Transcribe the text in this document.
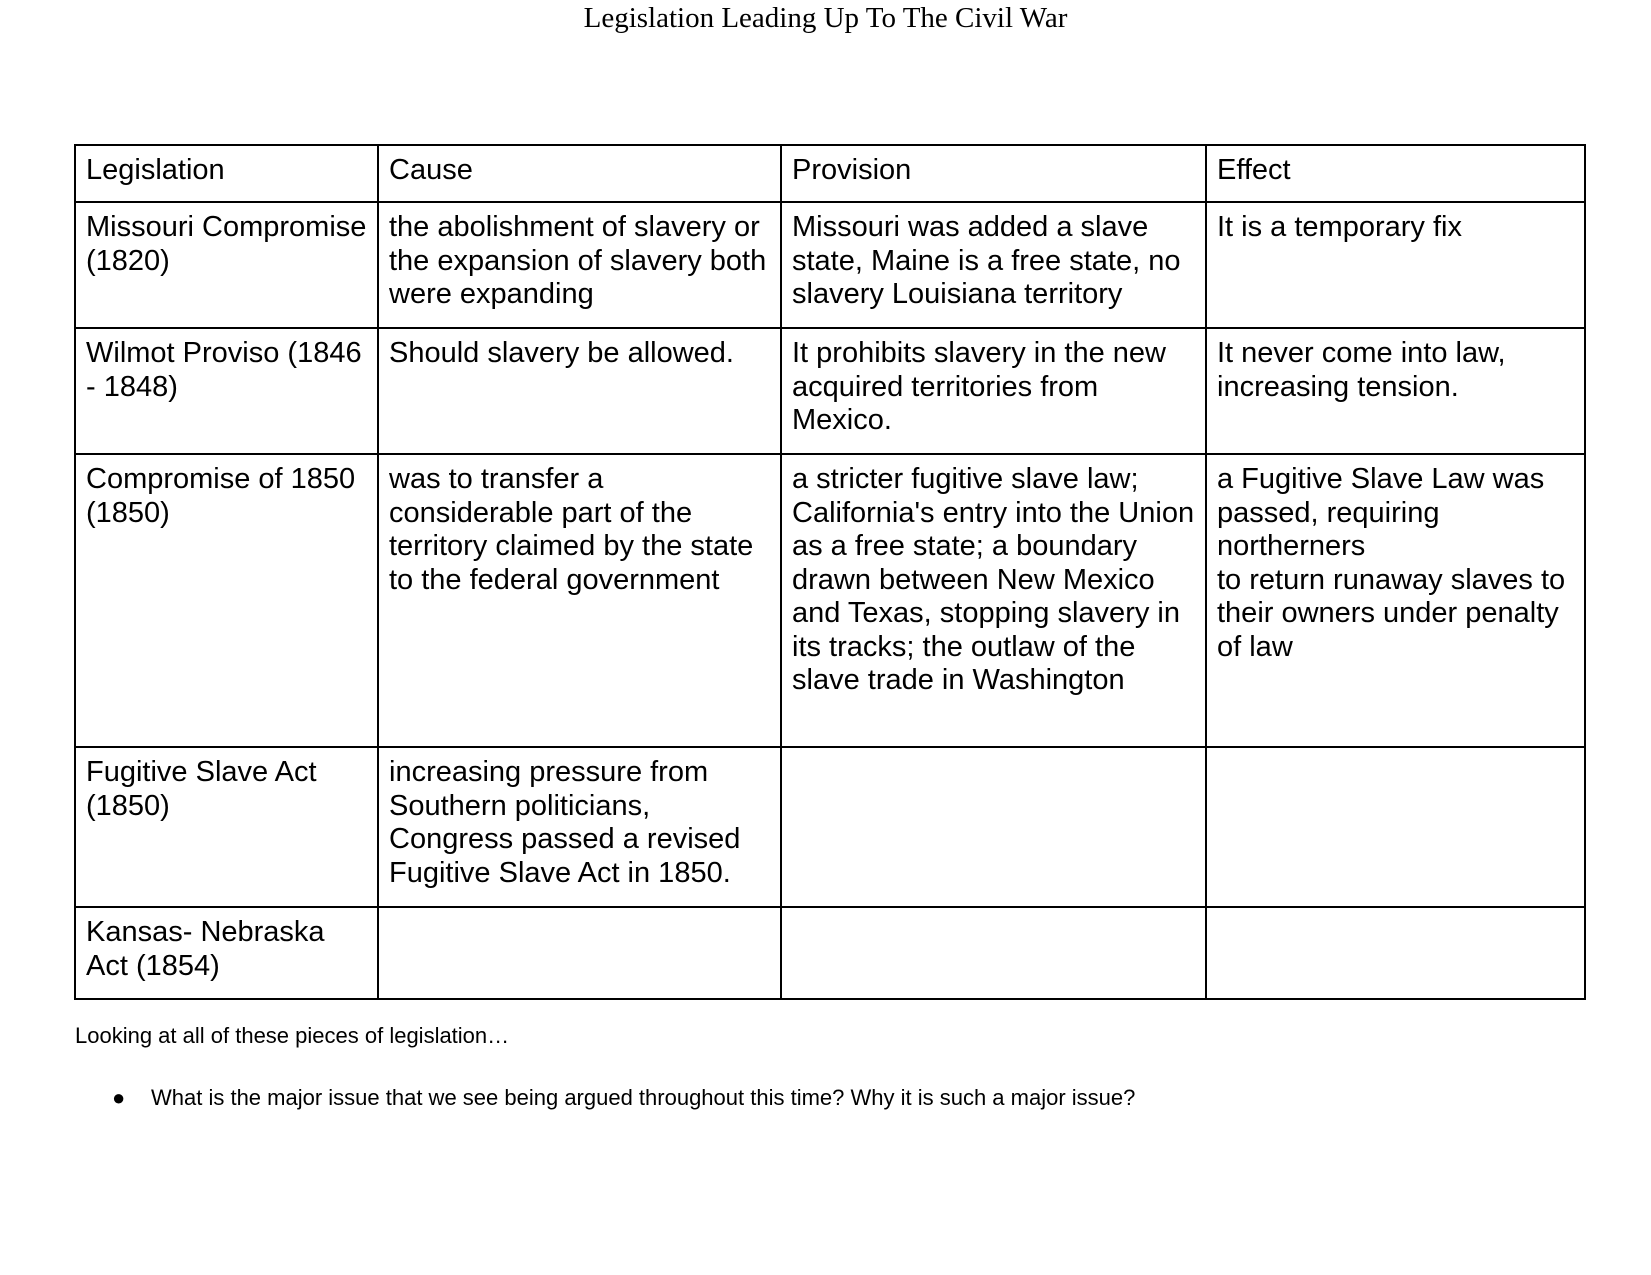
Legislation Leading Up To The Civil War
Legislation	Cause	Provision	Effect
Missouri Compromise (1820)	the abolishment of slavery or the expansion of slavery both were expanding	Missouri was added a slave state, Maine is a free state, no slavery Louisiana territory	It is a temporary fix

Wilmot Proviso (1846 - 1848)	Should slavery be allowed.	It prohibits slavery in the new acquired territories from Mexico.	It never come into law, increasing tension.

Compromise of 1850 (1850)	was to transfer a considerable part of the territory claimed by the state to the federal government	a stricter fugitive slave law; California's entry into the Union as a free state; a boundary drawn between New Mexico and Texas, stopping slavery in its tracks; the outlaw of the slave trade in Washington	a Fugitive Slave Law was passed, requiring northerners
to return runaway slaves to their owners under penalty of law

Fugitive Slave Act (1850)	increasing pressure from Southern politicians, Congress passed a revised Fugitive Slave Act in 1850.		

Kansas- Nebraska Act (1854)			
Looking at all of these pieces of legislation…
●	What is the major issue that we see being argued throughout this time? Why it is such a major issue?
